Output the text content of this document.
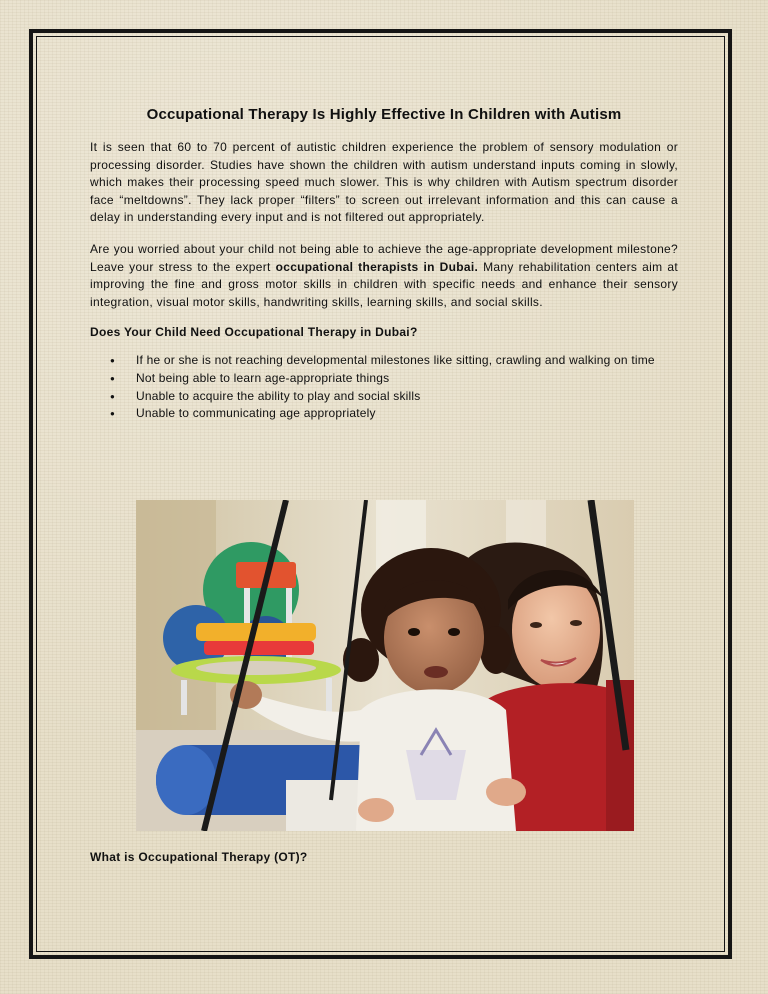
Occupational Therapy Is Highly Effective In Children with Autism

It is seen that 60 to 70 percent of autistic children experience the problem of sensory modulation or processing disorder. Studies have shown the children with autism understand inputs coming in slowly, which makes their processing speed much slower. This is why children with Autism spectrum disorder face “meltdowns”. They lack proper “filters” to screen out irrelevant information and this can cause a delay in understanding every input and is not filtered out appropriately.

Are you worried about your child not being able to achieve the age-appropriate development milestone? Leave your stress to the expert occupational therapists in Dubai. Many rehabilitation centers aim at improving the fine and gross motor skills in children with specific needs and enhance their sensory integration, visual motor skills, handwriting skills, learning skills, and social skills.

Does Your Child Need Occupational Therapy in Dubai?
● If he or she is not reaching developmental milestones like sitting, crawling and walking on time
● Not being able to learn age-appropriate things
● Unable to acquire the ability to play and social skills
● Unable to communicating age appropriately
What is Occupational Therapy (OT)?
